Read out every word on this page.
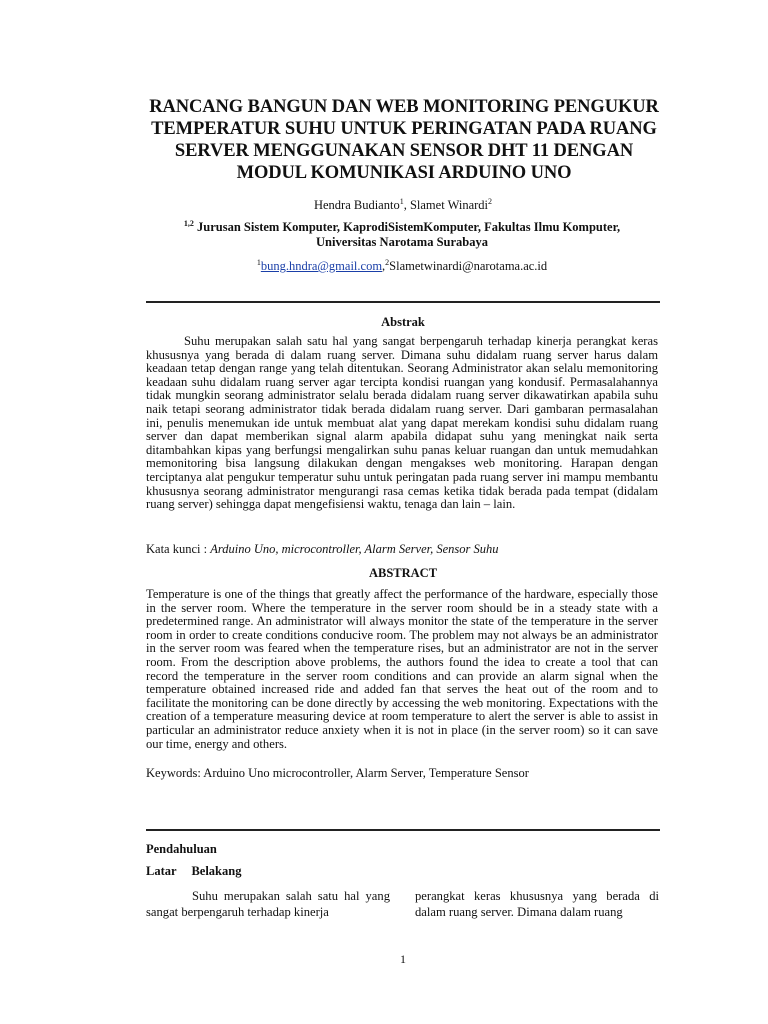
RANCANG BANGUN DAN WEB MONITORING PENGUKUR
TEMPERATUR SUHU UNTUK PERINGATAN PADA RUANG
SERVER MENGGUNAKAN SENSOR DHT 11 DENGAN
MODUL KOMUNIKASI ARDUINO UNO
Hendra Budianto$^1$, Slamet Winardi$^2$
$^{1,2}$ Jurusan Sistem Komputer, KaprodiSistemKomputer, Fakultas Ilmu Komputer,
Universitas Narotama Surabaya
$^1$bung.hndra@gmail.com,$^2$Slametwinardi@narotama.ac.id
Abstrak
Suhu merupakan salah satu hal yang sangat berpengaruh terhadap kinerja perangkat keras khususnya yang berada di dalam ruang server. Dimana suhu didalam ruang server harus dalam keadaan tetap dengan range yang telah ditentukan. Seorang Administrator akan selalu memonitoring keadaan suhu didalam ruang server agar tercipta kondisi ruangan yang kondusif. Permasalahannya tidak mungkin seorang administrator selalu berada didalam ruang server dikawatirkan apabila suhu naik tetapi seorang administrator tidak berada didalam ruang server. Dari gambaran permasalahan ini, penulis menemukan ide untuk membuat alat yang dapat merekam kondisi suhu didalam ruang server dan dapat memberikan signal alarm apabila didapat suhu yang meningkat naik serta ditambahkan kipas yang berfungsi mengalirkan suhu panas keluar ruangan dan untuk memudahkan memonitoring bisa langsung dilakukan dengan mengakses web monitoring. Harapan dengan terciptanya alat pengukur temperatur suhu untuk peringatan pada ruang server ini mampu membantu khususnya seorang administrator mengurangi rasa cemas ketika tidak berada pada tempat (didalam ruang server) sehingga dapat mengefisiensi waktu, tenaga dan lain – lain.
Kata kunci : Arduino Uno, microcontroller, Alarm Server, Sensor Suhu
ABSTRACT
Temperature is one of the things that greatly affect the performance of the hardware, especially those in the server room. Where the temperature in the server room should be in a steady state with a predetermined range. An administrator will always monitor the state of the temperature in the server room in order to create conditions conducive room. The problem may not always be an administrator in the server room was feared when the temperature rises, but an administrator are not in the server room. From the description above problems, the authors found the idea to create a tool that can record the temperature in the server room conditions and can provide an alarm signal when the temperature obtained increased ride and added fan that serves the heat out of the room and to facilitate the monitoring can be done directly by accessing the web monitoring. Expectations with the creation of a temperature measuring device at room temperature to alert the server is able to assist in particular an administrator reduce anxiety when it is not in place (in the server room) so it can save our time, energy and others.
Keywords: Arduino Uno microcontroller, Alarm Server, Temperature Sensor
Pendahuluan
Latar Belakang
Suhu merupakan salah satu hal yang sangat berpengaruh terhadap kinerja
perangkat keras khususnya yang berada di dalam ruang server. Dimana dalam ruang
1
